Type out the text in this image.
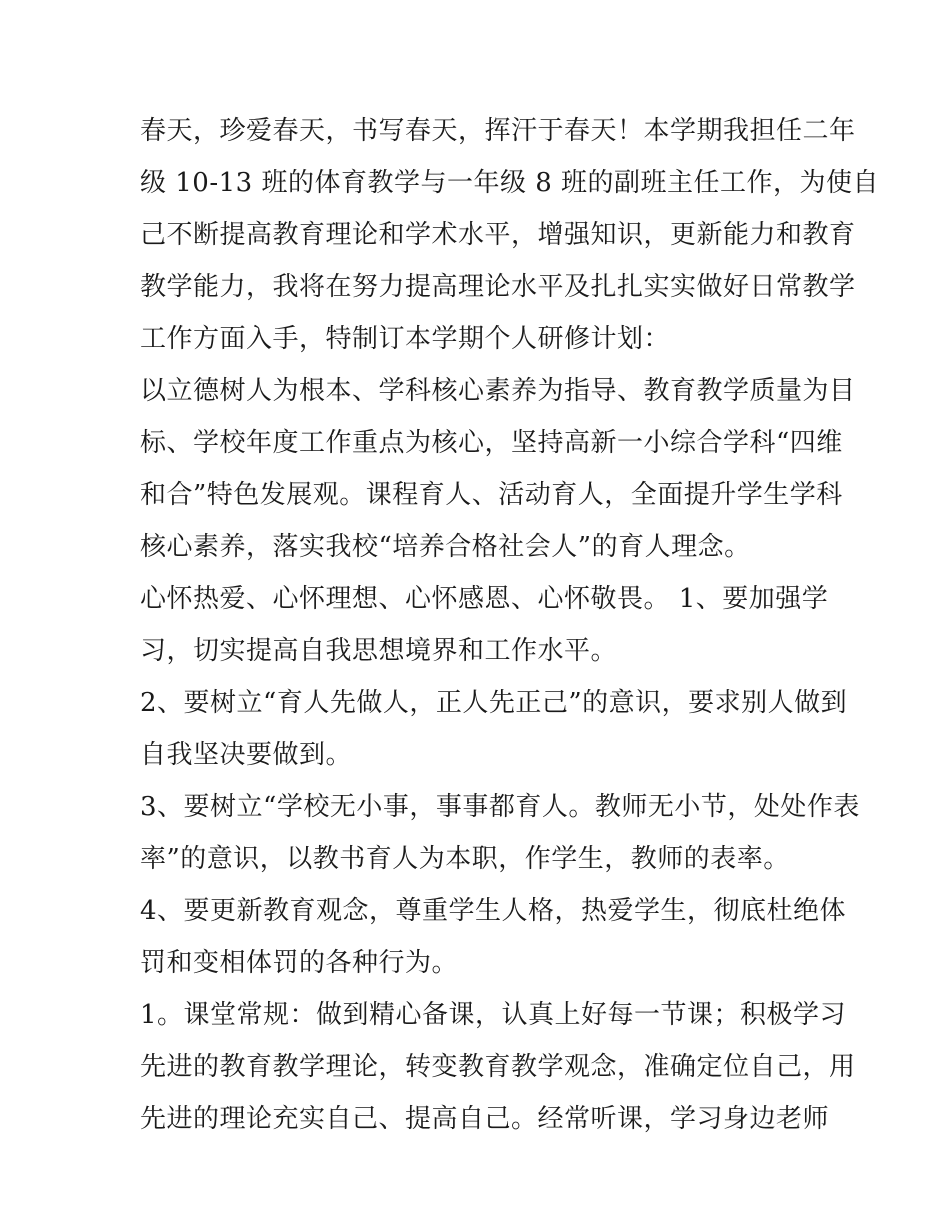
春天，珍爱春天，书写春天，挥汗于春天！本学期我担任二年
级 10-13 班的体育教学与一年级 8 班的副班主任工作，为使自
己不断提高教育理论和学术水平，增强知识，更新能力和教育
教学能力，我将在努力提高理论水平及扎扎实实做好日常教学
工作方面入手，特制订本学期个人研修计划：
以立德树人为根本、学科核心素养为指导、教育教学质量为目
标、学校年度工作重点为核心，坚持高新一小综合学科“四维
和合”特色发展观。课程育人、活动育人，全面提升学生学科
核心素养，落实我校“培养合格社会人”的育人理念。
心怀热爱、心怀理想、心怀感恩、心怀敬畏。 1、要加强学
习，切实提高自我思想境界和工作水平。
2、要树立“育人先做人，正人先正己”的意识，要求别人做到
自我坚决要做到。
3、要树立“学校无小事，事事都育人。教师无小节，处处作表
率”的意识，以教书育人为本职，作学生，教师的表率。
4、要更新教育观念，尊重学生人格，热爱学生，彻底杜绝体
罚和变相体罚的各种行为。
1。课堂常规：做到精心备课，认真上好每一节课；积极学习
先进的教育教学理论，转变教育教学观念，准确定位自己，用
先进的理论充实自己、提高自己。经常听课，学习身边老师
